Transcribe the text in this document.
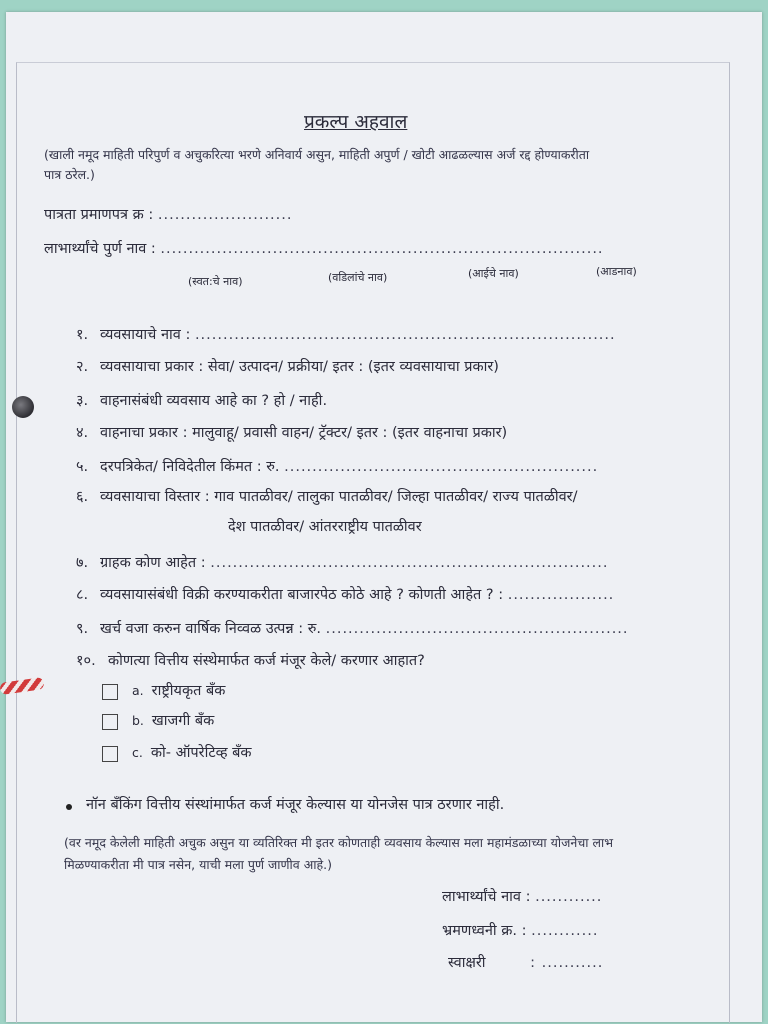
प्रकल्प अहवाल
(खाली नमूद माहिती परिपुर्ण व अचुकरित्या भरणे अनिवार्य असुन, माहिती अपुर्ण / खोटी आढळल्यास अर्ज रद्द होण्याकरीता
पात्र ठरेल.)
पात्रता प्रमाणपत्र क्र : ........................
लाभार्थ्यांचे पुर्ण नाव : ...............................................................................
(स्वत:चे नाव)	(वडिलांचे नाव)	(आईचे नाव)	(आडनाव)
१. व्यवसायाचे नाव : ...........................................................................
२. व्यवसायाचा प्रकार : सेवा/ उत्पादन/ प्रक्रीया/ इतर : (इतर व्यवसायाचा प्रकार)
३. वाहनासंबंधी व्यवसाय आहे का ? हो / नाही.
४. वाहनाचा प्रकार : मालुवाहू/ प्रवासी वाहन/ ट्रॅक्टर/ इतर : (इतर वाहनाचा प्रकार)
५. दरपत्रिकेत/ निविदेतील किंमत : रु. ........................................................
६. व्यवसायाचा विस्तार : गाव पातळीवर/ तालुका पातळीवर/ जिल्हा पातळीवर/ राज्य पातळीवर/
देश पातळीवर/ आंतरराष्ट्रीय पातळीवर
७. ग्राहक कोण आहेत : .......................................................................
८. व्यवसायासंबंधी विक्री करण्याकरीता बाजारपेठ कोठे आहे ? कोणती आहेत ? : ...................
९. खर्च वजा करुन वार्षिक निव्वळ उत्पन्न : रु. ......................................................
१०. कोणत्या वित्तीय संस्थेमार्फत कर्ज मंजूर केले/ करणार आहात?
a. राष्ट्रीयकृत बँक
b. खाजगी बँक
c. को- ऑपरेटिव्ह बँक
नॉन बँकिंग वित्तीय संस्थांमार्फत कर्ज मंजूर केल्यास या योनजेस पात्र ठरणार नाही.
(वर नमूद केलेली माहिती अचुक असुन या व्यतिरिक्त मी इतर कोणताही व्यवसाय केल्यास मला महामंडळाच्या योजनेचा लाभ
मिळण्याकरीता मी पात्र नसेन, याची मला पुर्ण जाणीव आहे.)
लाभार्थ्यांचे नाव : ............
भ्रमणध्वनी क्र. : ............
स्वाक्षरी	: ...........
